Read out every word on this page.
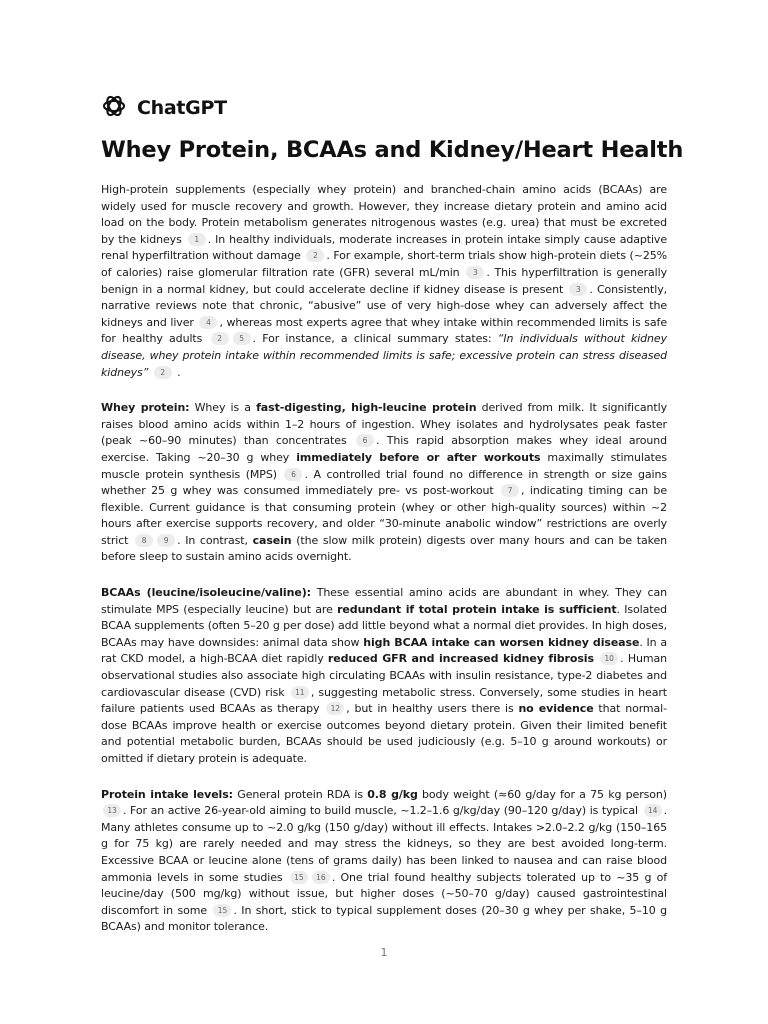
ChatGPT
Whey Protein, BCAAs and Kidney/Heart Health

High-protein supplements (especially whey protein) and branched-chain amino acids (BCAAs) are widely used for muscle recovery and growth. However, they increase dietary protein and amino acid load on the body. Protein metabolism generates nitrogenous wastes (e.g. urea) that must be excreted by the kidneys 1 . In healthy individuals, moderate increases in protein intake simply cause adaptive renal hyperfiltration without damage 2 . For example, short-term trials show high-protein diets (~25% of calories) raise glomerular filtration rate (GFR) several mL/min 3 . This hyperfiltration is generally benign in a normal kidney, but could accelerate decline if kidney disease is present 3 . Consistently, narrative reviews note that chronic, “abusive” use of very high-dose whey can adversely affect the kidneys and liver 4 , whereas most experts agree that whey intake within recommended limits is safe for healthy adults 2 5 . For instance, a clinical summary states: “In individuals without kidney disease, whey protein intake within recommended limits is safe; excessive protein can stress diseased kidneys” 2 .

Whey protein: Whey is a fast-digesting, high-leucine protein derived from milk. It significantly raises blood amino acids within 1–2 hours of ingestion. Whey isolates and hydrolysates peak faster (peak ~60–90 minutes) than concentrates 6 . This rapid absorption makes whey ideal around exercise. Taking ~20–30 g whey immediately before or after workouts maximally stimulates muscle protein synthesis (MPS) 6 . A controlled trial found no difference in strength or size gains whether 25 g whey was consumed immediately pre- vs post-workout 7 , indicating timing can be flexible. Current guidance is that consuming protein (whey or other high-quality sources) within ~2 hours after exercise supports recovery, and older “30-minute anabolic window” restrictions are overly strict 8 9 . In contrast, casein (the slow milk protein) digests over many hours and can be taken before sleep to sustain amino acids overnight.

BCAAs (leucine/isoleucine/valine): These essential amino acids are abundant in whey. They can stimulate MPS (especially leucine) but are redundant if total protein intake is sufficient. Isolated BCAA supplements (often 5–20 g per dose) add little beyond what a normal diet provides. In high doses, BCAAs may have downsides: animal data show high BCAA intake can worsen kidney disease. In a rat CKD model, a high-BCAA diet rapidly reduced GFR and increased kidney fibrosis 10 . Human observational studies also associate high circulating BCAAs with insulin resistance, type-2 diabetes and cardiovascular disease (CVD) risk 11 , suggesting metabolic stress. Conversely, some studies in heart failure patients used BCAAs as therapy 12 , but in healthy users there is no evidence that normal-dose BCAAs improve health or exercise outcomes beyond dietary protein. Given their limited benefit and potential metabolic burden, BCAAs should be used judiciously (e.g. 5–10 g around workouts) or omitted if dietary protein is adequate.

Protein intake levels: General protein RDA is 0.8 g/kg body weight (≈60 g/day for a 75 kg person) 13 . For an active 26-year-old aiming to build muscle, ~1.2–1.6 g/kg/day (90–120 g/day) is typical 14 . Many athletes consume up to ~2.0 g/kg (150 g/day) without ill effects. Intakes >2.0–2.2 g/kg (150–165 g for 75 kg) are rarely needed and may stress the kidneys, so they are best avoided long-term. Excessive BCAA or leucine alone (tens of grams daily) has been linked to nausea and can raise blood ammonia levels in some studies 15 16 . One trial found healthy subjects tolerated up to ~35 g of leucine/day (500 mg/kg) without issue, but higher doses (~50–70 g/day) caused gastrointestinal discomfort in some 15 . In short, stick to typical supplement doses (20–30 g whey per shake, 5–10 g BCAAs) and monitor tolerance.

1
